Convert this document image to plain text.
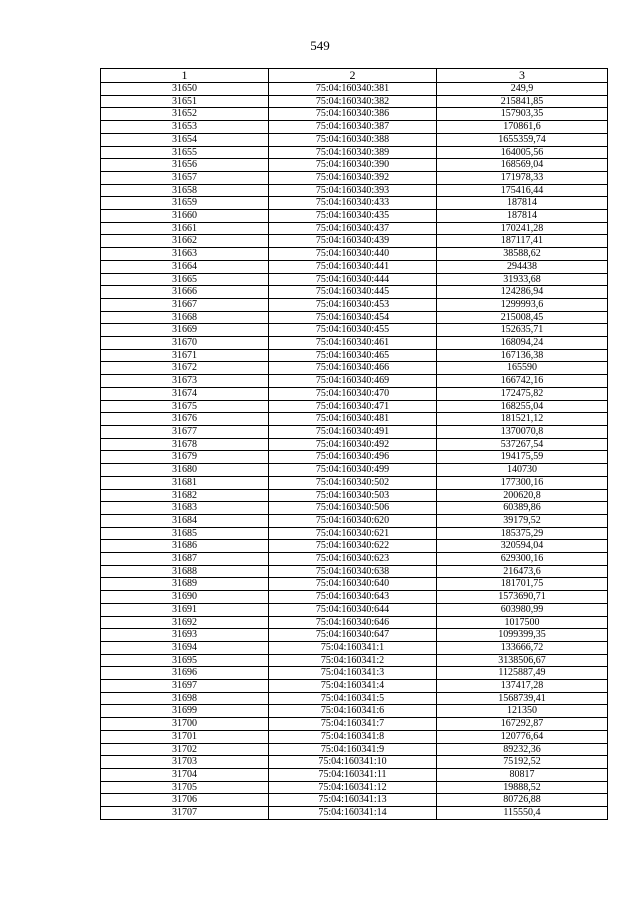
549
1	2	3
31650	75:04:160340:381	249,9
31651	75:04:160340:382	215841,85
31652	75:04:160340:386	157903,35
31653	75:04:160340:387	170861,6
31654	75:04:160340:388	1655359,74
31655	75:04:160340:389	164005,56
31656	75:04:160340:390	168569,04
31657	75:04:160340:392	171978,33
31658	75:04:160340:393	175416,44
31659	75:04:160340:433	187814
31660	75:04:160340:435	187814
31661	75:04:160340:437	170241,28
31662	75:04:160340:439	187117,41
31663	75:04:160340:440	38588,62
31664	75:04:160340:441	294438
31665	75:04:160340:444	31933,68
31666	75:04:160340:445	124286,94
31667	75:04:160340:453	1299993,6
31668	75:04:160340:454	215008,45
31669	75:04:160340:455	152635,71
31670	75:04:160340:461	168094,24
31671	75:04:160340:465	167136,38
31672	75:04:160340:466	165590
31673	75:04:160340:469	166742,16
31674	75:04:160340:470	172475,82
31675	75:04:160340:471	168255,04
31676	75:04:160340:481	181521,12
31677	75:04:160340:491	1370070,8
31678	75:04:160340:492	537267,54
31679	75:04:160340:496	194175,59
31680	75:04:160340:499	140730
31681	75:04:160340:502	177300,16
31682	75:04:160340:503	200620,8
31683	75:04:160340:506	60389,86
31684	75:04:160340:620	39179,52
31685	75:04:160340:621	185375,29
31686	75:04:160340:622	320594,04
31687	75:04:160340:623	629300,16
31688	75:04:160340:638	216473,6
31689	75:04:160340:640	181701,75
31690	75:04:160340:643	1573690,71
31691	75:04:160340:644	603980,99
31692	75:04:160340:646	1017500
31693	75:04:160340:647	1099399,35
31694	75:04:160341:1	133666,72
31695	75:04:160341:2	3138506,67
31696	75:04:160341:3	1125887,49
31697	75:04:160341:4	137417,28
31698	75:04:160341:5	1568739,41
31699	75:04:160341:6	121350
31700	75:04:160341:7	167292,87
31701	75:04:160341:8	120776,64
31702	75:04:160341:9	89232,36
31703	75:04:160341:10	75192,52
31704	75:04:160341:11	80817
31705	75:04:160341:12	19888,52
31706	75:04:160341:13	80726,88
31707	75:04:160341:14	115550,4
